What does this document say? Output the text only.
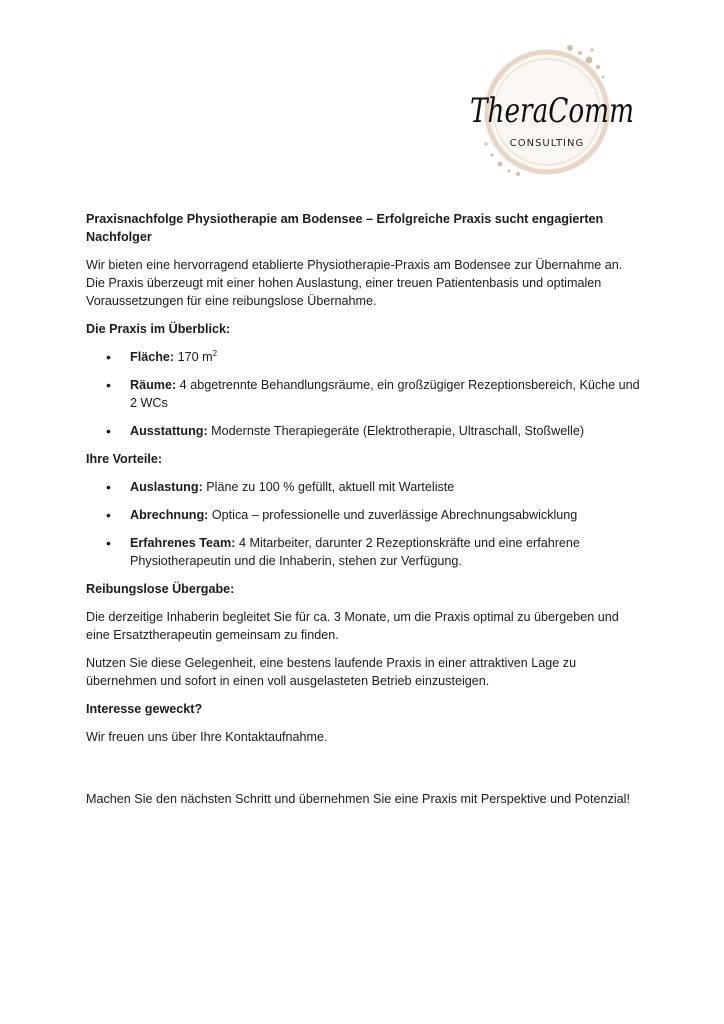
TheraComm
CONSULTING

Praxisnachfolge Physiotherapie am Bodensee – Erfolgreiche Praxis sucht engagierten Nachfolger

Wir bieten eine hervorragend etablierte Physiotherapie-Praxis am Bodensee zur Übernahme an. Die Praxis überzeugt mit einer hohen Auslastung, einer treuen Patientenbasis und optimalen Voraussetzungen für eine reibungslose Übernahme.

Die Praxis im Überblick:

• Fläche: 170 $m^2$
• Räume: 4 abgetrennte Behandlungsräume, ein großzügiger Rezeptionsbereich, Küche und 2 WCs
• Ausstattung: Modernste Therapiegeräte (Elektrotherapie, Ultraschall, Stoßwelle)

Ihre Vorteile:

• Auslastung: Pläne zu 100 % gefüllt, aktuell mit Warteliste
• Abrechnung: Optica – professionelle und zuverlässige Abrechnungsabwicklung
• Erfahrenes Team: 4 Mitarbeiter, darunter 2 Rezeptionskräfte und eine erfahrene Physiotherapeutin und die Inhaberin, stehen zur Verfügung.

Reibungslose Übergabe:

Die derzeitige Inhaberin begleitet Sie für ca. 3 Monate, um die Praxis optimal zu übergeben und eine Ersatztherapeutin gemeinsam zu finden.

Nutzen Sie diese Gelegenheit, eine bestens laufende Praxis in einer attraktiven Lage zu übernehmen und sofort in einen voll ausgelasteten Betrieb einzusteigen.

Interesse geweckt?

Wir freuen uns über Ihre Kontaktaufnahme.

Machen Sie den nächsten Schritt und übernehmen Sie eine Praxis mit Perspektive und Potenzial!
